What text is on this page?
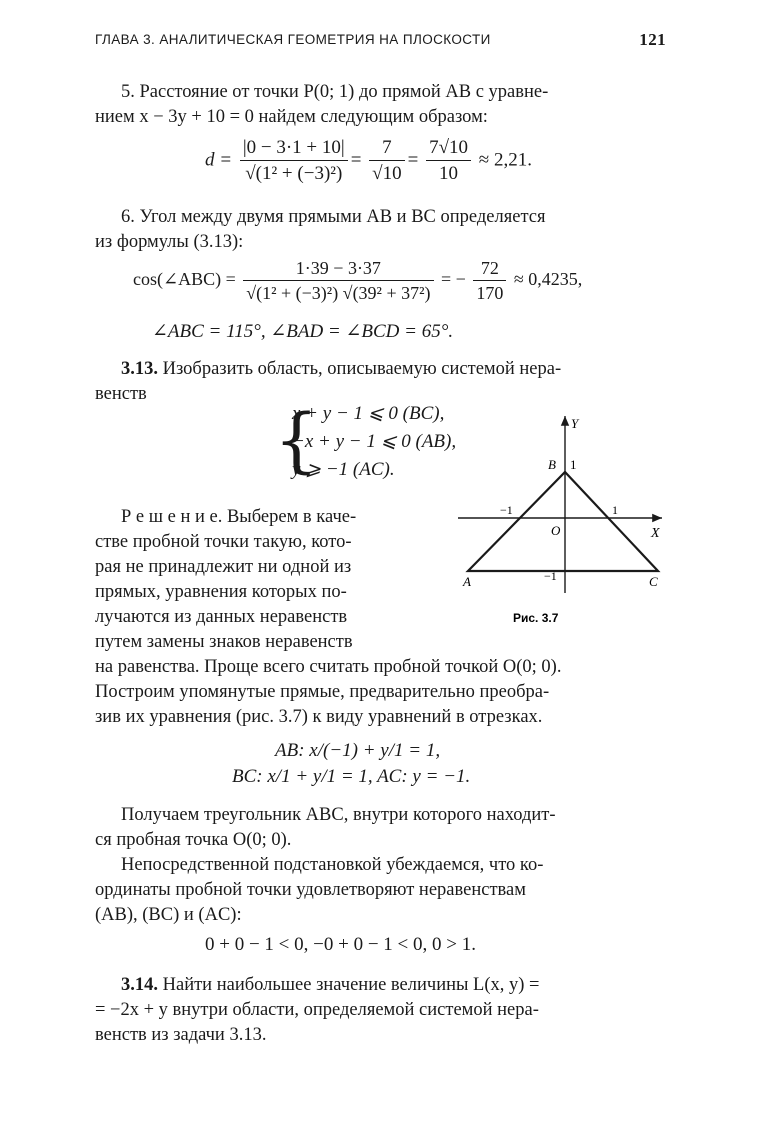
ГЛАВА 3. АНАЛИТИЧЕСКАЯ ГЕОМЕТРИЯ НА ПЛОСКОСТИ	121
5. Расстояние от точки P(0; 1) до прямой AB с уравне-
нием x − 3y + 10 = 0 найдем следующим образом:
$d = \frac{|0 - 3\cdot 1 + 10|}{\text{√(1² + (−3)²)}} = \frac{7}{√10} = \frac{7√10}{10} \approx 2,21$.
6. Угол между двумя прямыми AB и BC определяется
из формулы (3.13):
cos(∠ABC) = $\frac{1\cdot 39 - 3\cdot 37}{\text{√(1² + (−3)²) √(39² + 37²)}}$ = − $\frac{72}{170} \approx 0,4235$,
∠ABC = 115°, ∠BAD = ∠BCD = 65°.
3.13. Изобразить область, описываемую системой нера-
венств
{
x + y − 1 ⩽ 0 (BC),
−x + y − 1 ⩽ 0 (AB),
y ⩾ −1 (AC).
Р е ш е н и е. Выберем в каче-
стве пробной точки такую, кото-
рая не принадлежит ни одной из
прямых, уравнения которых по-
лучаются из данных неравенств
путем замены знаков неравенств
Y
X
B 1
−1	1
O
A	−1	C
Рис. 3.7
на равенства. Проще всего считать пробной точкой O(0; 0).
Построим упомянутые прямые, предварительно преобра-
зив их уравнения (рис. 3.7) к виду уравнений в отрезках.
AB: x/(−1) + y/1 = 1,
BC: x/1 + y/1 = 1, AC: y = −1.
Получаем треугольник ABC, внутри которого находит-
ся пробная точка O(0; 0).
Непосредственной подстановкой убеждаемся, что ко-
ординаты пробной точки удовлетворяют неравенствам
(AB), (BC) и (AC):
0 + 0 − 1 < 0, −0 + 0 − 1 < 0, 0 > 1.
3.14. Найти наибольшее значение величины L(x, y) =
= −2x + y внутри области, определяемой системой нера-
венств из задачи 3.13.
